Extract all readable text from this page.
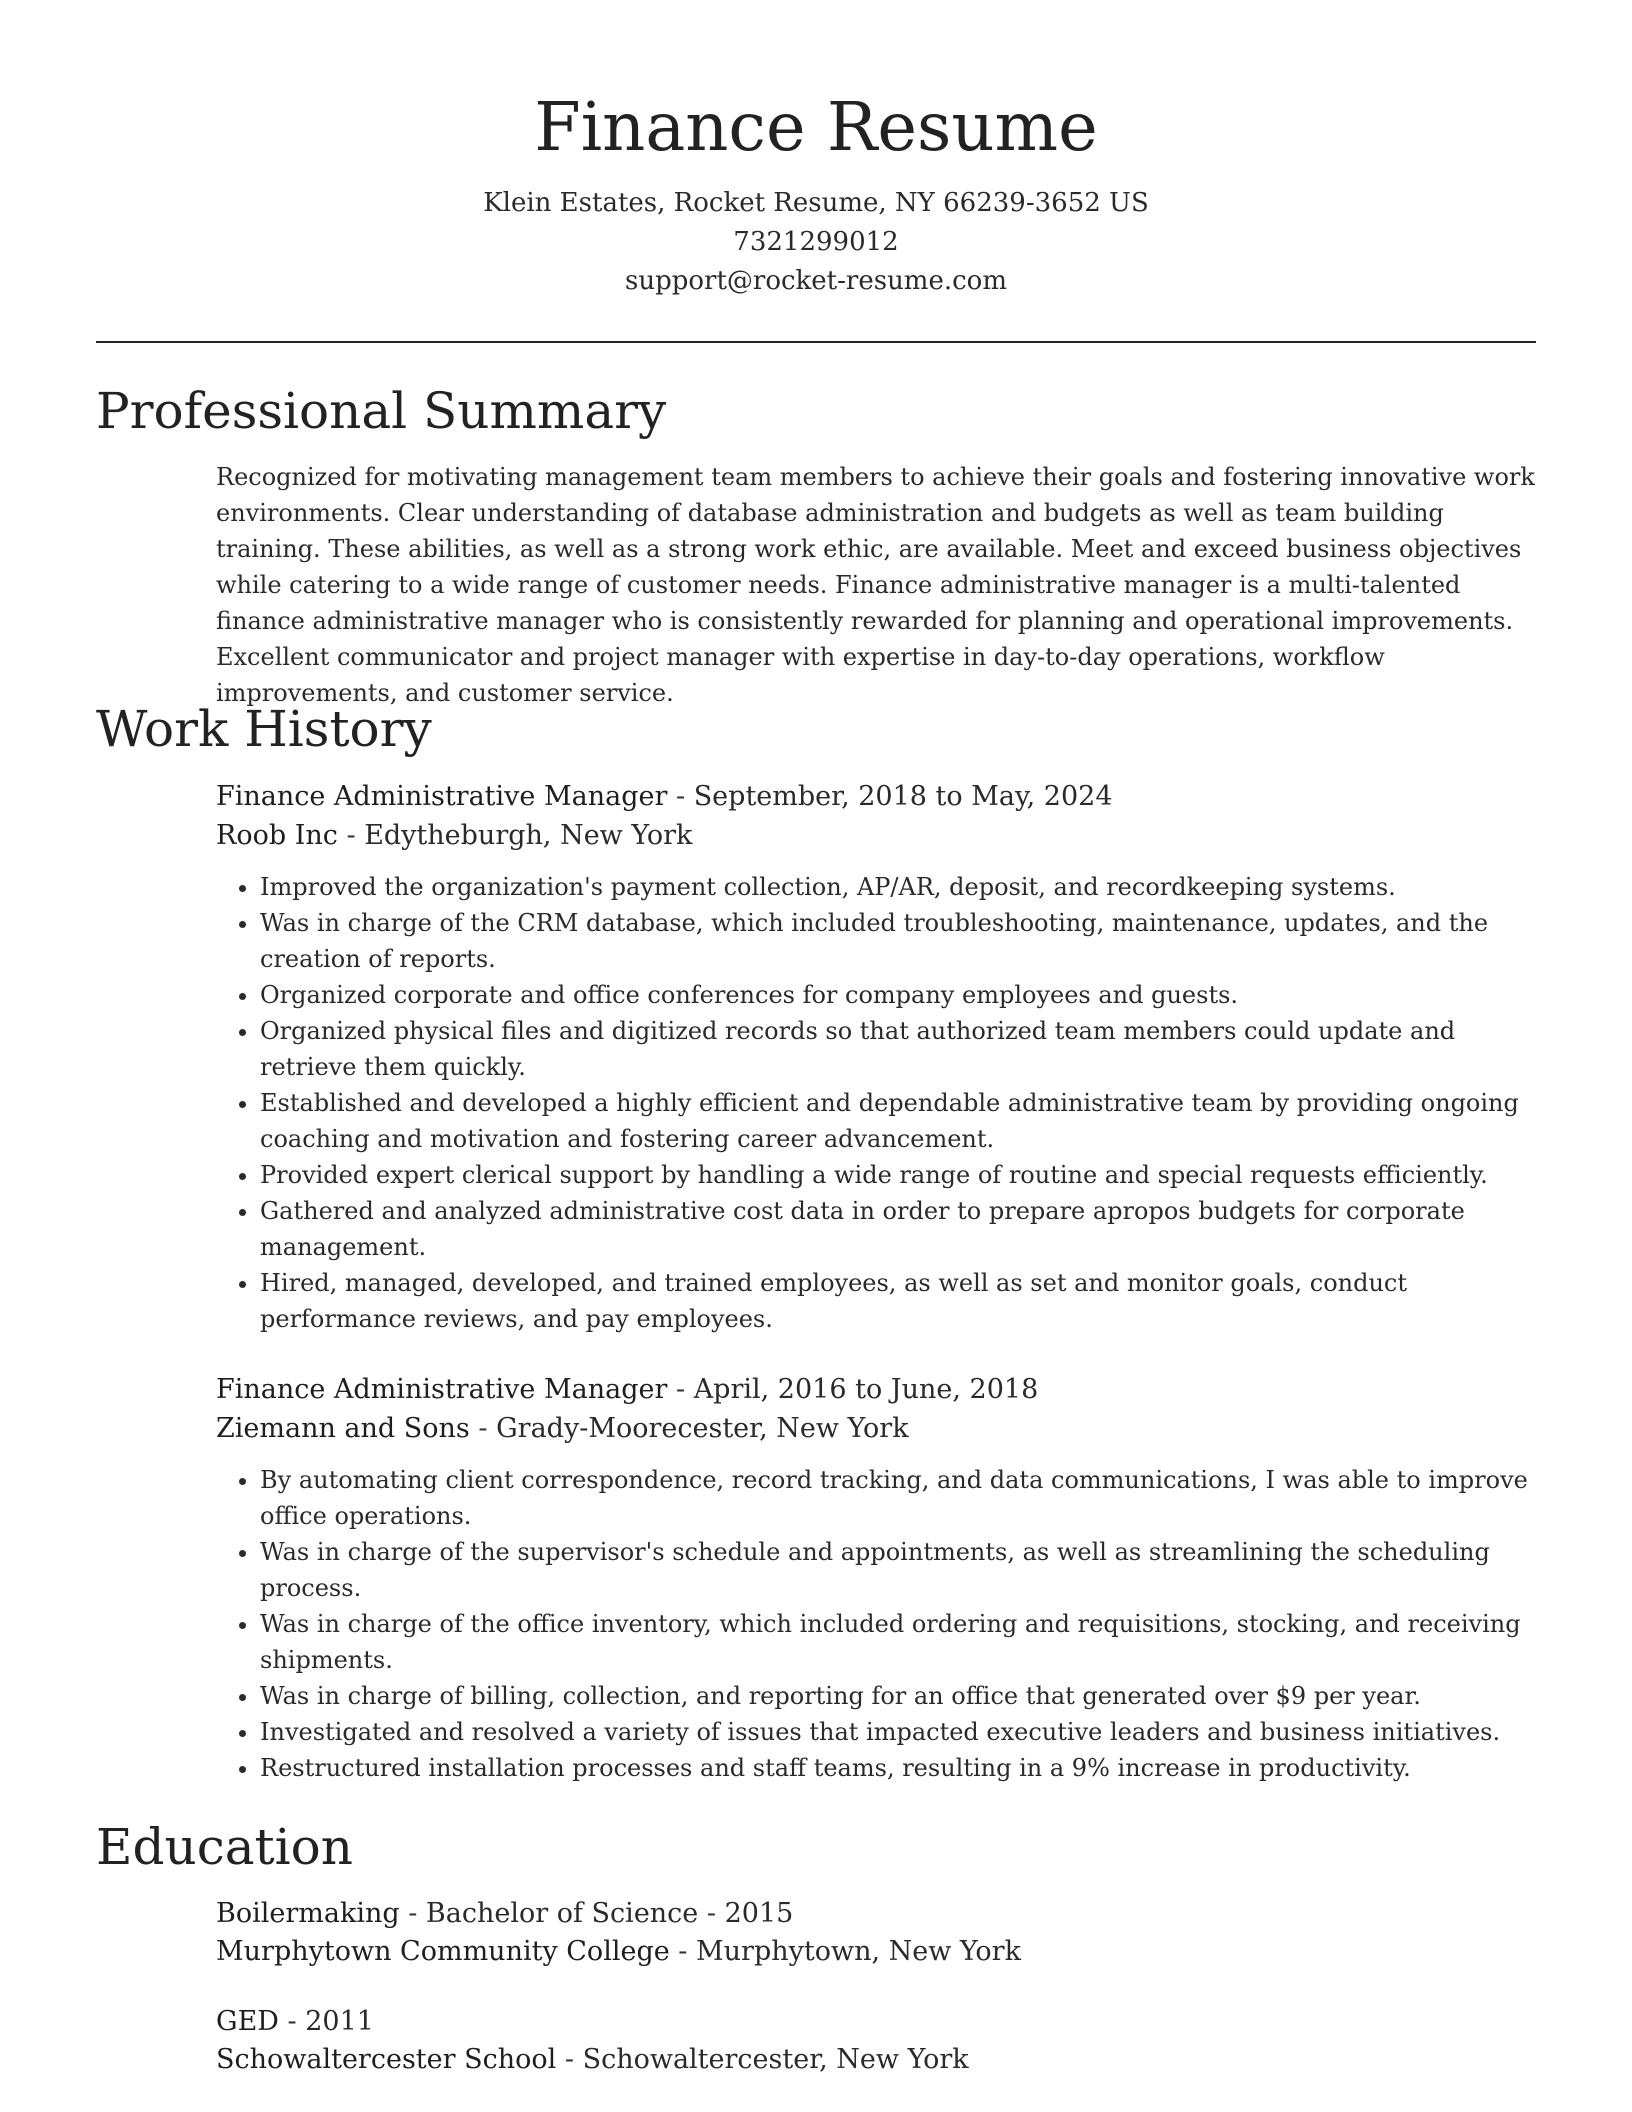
Finance Resume
Klein Estates, Rocket Resume, NY 66239-3652 US
7321299012
support@rocket-resume.com
Professional Summary

Recognized for motivating management team members to achieve their goals and fostering innovative work environments. Clear understanding of database administration and budgets as well as team building training. These abilities, as well as a strong work ethic, are available. Meet and exceed business objectives while catering to a wide range of customer needs. Finance administrative manager is a multi-talented finance administrative manager who is consistently rewarded for planning and operational improvements. Excellent communicator and project manager with expertise in day-to-day operations, workflow improvements, and customer service.

Work History

Finance Administrative Manager - September, 2018 to May, 2024

Roob Inc - Edytheburgh, New York

• Improved the organization's payment collection, AP/AR, deposit, and recordkeeping systems.
• Was in charge of the CRM database, which included troubleshooting, maintenance, updates, and the creation of reports.
• Organized corporate and office conferences for company employees and guests.
• Organized physical files and digitized records so that authorized team members could update and retrieve them quickly.
• Established and developed a highly efficient and dependable administrative team by providing ongoing coaching and motivation and fostering career advancement.
• Provided expert clerical support by handling a wide range of routine and special requests efficiently.
• Gathered and analyzed administrative cost data in order to prepare apropos budgets for corporate management.
• Hired, managed, developed, and trained employees, as well as set and monitor goals, conduct performance reviews, and pay employees.

Finance Administrative Manager - April, 2016 to June, 2018

Ziemann and Sons - Grady-Moorecester, New York

• By automating client correspondence, record tracking, and data communications, I was able to improve office operations.
• Was in charge of the supervisor's schedule and appointments, as well as streamlining the scheduling process.
• Was in charge of the office inventory, which included ordering and requisitions, stocking, and receiving shipments.
• Was in charge of billing, collection, and reporting for an office that generated over $9 per year.
• Investigated and resolved a variety of issues that impacted executive leaders and business initiatives.
• Restructured installation processes and staff teams, resulting in a 9% increase in productivity.
Education

Boilermaking - Bachelor of Science - 2015

Murphytown Community College - Murphytown, New York

GED - 2011

Schowaltercester School - Schowaltercester, New York
